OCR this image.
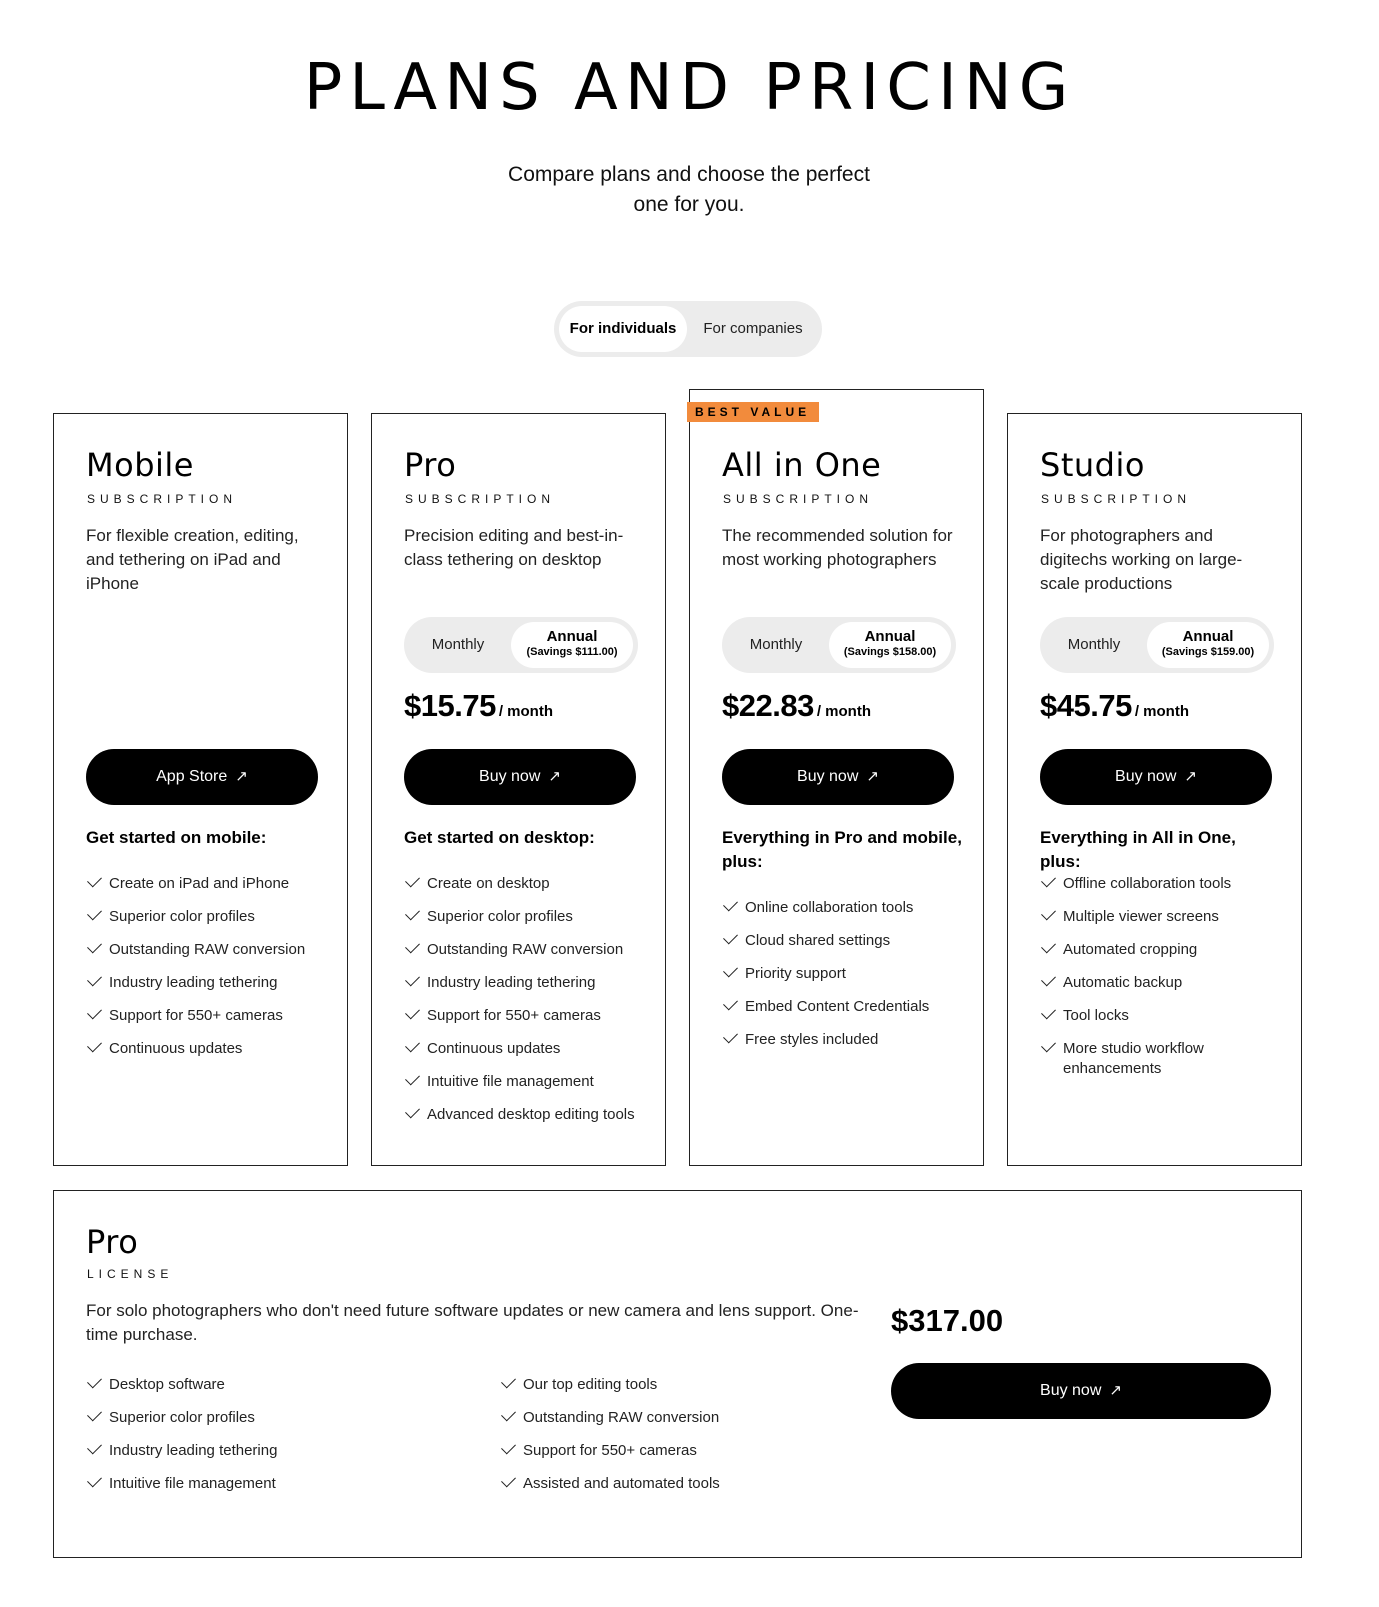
PLANS AND PRICING

Compare plans and choose the perfect one for you.

For individuals	For companies
Mobile
SUBSCRIPTION
For flexible creation, editing, and tethering on iPad and iPhone
App Store ↗
Get started on mobile:
Create on iPad and iPhone
Superior color profiles
Outstanding RAW conversion
Industry leading tethering
Support for 550+ cameras
Continuous updates
Pro
SUBSCRIPTION
Precision editing and best-in-class tethering on desktop
Monthly	Annual
(Savings $111.00)
$15.75 / month
Buy now ↗
Get started on desktop:
Create on desktop
Superior color profiles
Outstanding RAW conversion
Industry leading tethering
Support for 550+ cameras
Continuous updates
Intuitive file management
Advanced desktop editing tools
BEST VALUE
All in One
SUBSCRIPTION
The recommended solution for most working photographers
Monthly	Annual
(Savings $158.00)
$22.83 / month
Buy now ↗
Everything in Pro and mobile, plus:
Online collaboration tools
Cloud shared settings
Priority support
Embed Content Credentials
Free styles included
Studio
SUBSCRIPTION
For photographers and digitechs working on large-scale productions
Monthly	Annual
(Savings $159.00)
$45.75 / month
Buy now ↗
Everything in All in One, plus:
Offline collaboration tools
Multiple viewer screens
Automated cropping
Automatic backup
Tool locks
More studio workflow enhancements
Pro
LICENSE
For solo photographers who don't need future software updates or new camera and lens support. One-time purchase.
Desktop software
Superior color profiles
Industry leading tethering
Intuitive file management
Our top editing tools
Outstanding RAW conversion
Support for 550+ cameras
Assisted and automated tools
$317.00
Buy now ↗
